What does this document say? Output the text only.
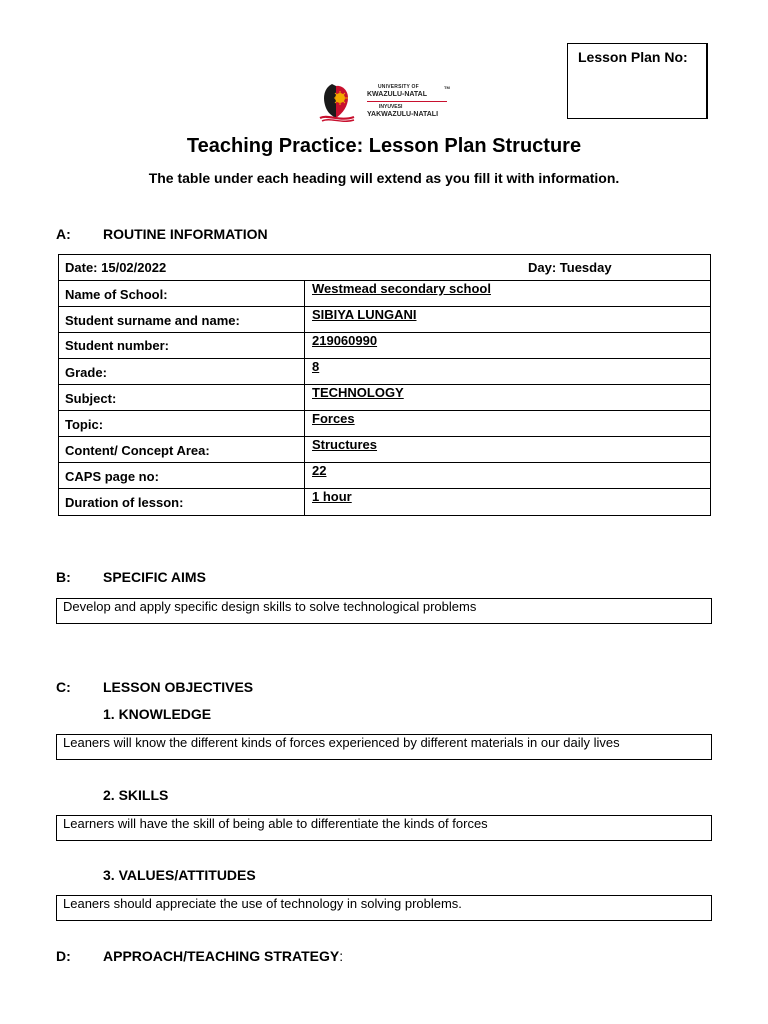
Lesson Plan No:
UNIVERSITY OF	TM
KWAZULU-NATAL
INYUVESI
YAKWAZULU-NATALI
Teaching Practice: Lesson Plan Structure
The table under each heading will extend as you fill it with information.
A: ROUTINE INFORMATION
Date: 15/02/2022	Day: Tuesday
Name of School:	Westmead secondary school
Student surname and name:	SIBIYA LUNGANI
Student number:	219060990
Grade:	8
Subject:	TECHNOLOGY
Topic:	Forces
Content/ Concept Area:	Structures
CAPS page no:	22
Duration of lesson:	1 hour
B: SPECIFIC AIMS
Develop and apply specific design skills to solve technological problems
C: LESSON OBJECTIVES
1. KNOWLEDGE
Leaners will know the different kinds of forces experienced by different materials in our daily lives
2. SKILLS
Learners will have the skill of being able to differentiate the kinds of forces
3. VALUES/ATTITUDES
Leaners should appreciate the use of technology in solving problems.
D: APPROACH/TEACHING STRATEGY:
